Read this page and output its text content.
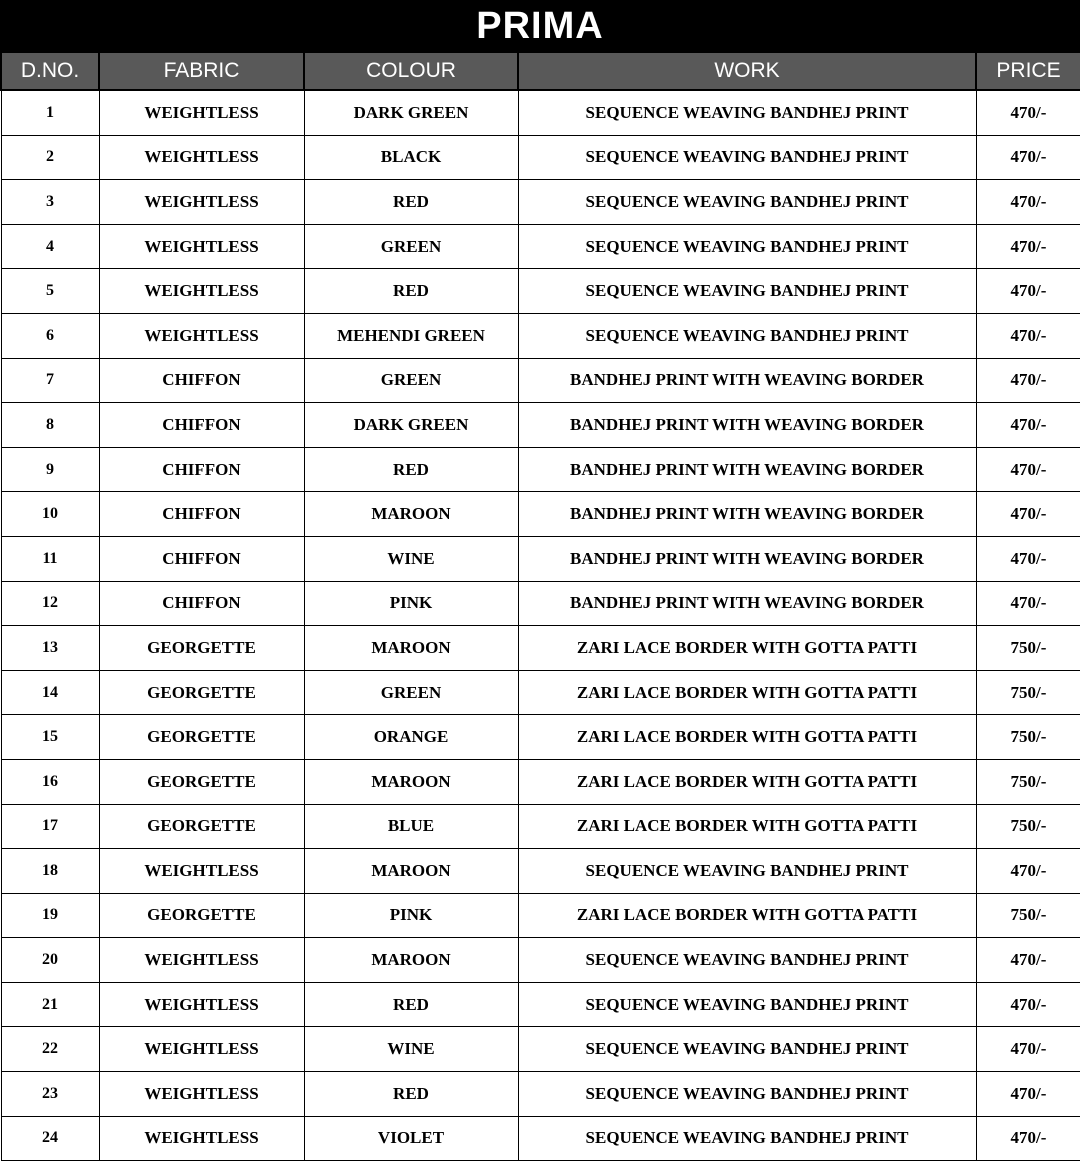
PRIMA
D.NO.	FABRIC	COLOUR	WORK	PRICE
1	WEIGHTLESS	DARK GREEN	SEQUENCE WEAVING BANDHEJ PRINT	470/-
2	WEIGHTLESS	BLACK	SEQUENCE WEAVING BANDHEJ PRINT	470/-
3	WEIGHTLESS	RED	SEQUENCE WEAVING BANDHEJ PRINT	470/-
4	WEIGHTLESS	GREEN	SEQUENCE WEAVING BANDHEJ PRINT	470/-
5	WEIGHTLESS	RED	SEQUENCE WEAVING BANDHEJ PRINT	470/-
6	WEIGHTLESS	MEHENDI GREEN	SEQUENCE WEAVING BANDHEJ PRINT	470/-
7	CHIFFON	GREEN	BANDHEJ PRINT WITH WEAVING BORDER	470/-
8	CHIFFON	DARK GREEN	BANDHEJ PRINT WITH WEAVING BORDER	470/-
9	CHIFFON	RED	BANDHEJ PRINT WITH WEAVING BORDER	470/-
10	CHIFFON	MAROON	BANDHEJ PRINT WITH WEAVING BORDER	470/-
11	CHIFFON	WINE	BANDHEJ PRINT WITH WEAVING BORDER	470/-
12	CHIFFON	PINK	BANDHEJ PRINT WITH WEAVING BORDER	470/-
13	GEORGETTE	MAROON	ZARI LACE BORDER WITH GOTTA PATTI	750/-
14	GEORGETTE	GREEN	ZARI LACE BORDER WITH GOTTA PATTI	750/-
15	GEORGETTE	ORANGE	ZARI LACE BORDER WITH GOTTA PATTI	750/-
16	GEORGETTE	MAROON	ZARI LACE BORDER WITH GOTTA PATTI	750/-
17	GEORGETTE	BLUE	ZARI LACE BORDER WITH GOTTA PATTI	750/-
18	WEIGHTLESS	MAROON	SEQUENCE WEAVING BANDHEJ PRINT	470/-
19	GEORGETTE	PINK	ZARI LACE BORDER WITH GOTTA PATTI	750/-
20	WEIGHTLESS	MAROON	SEQUENCE WEAVING BANDHEJ PRINT	470/-
21	WEIGHTLESS	RED	SEQUENCE WEAVING BANDHEJ PRINT	470/-
22	WEIGHTLESS	WINE	SEQUENCE WEAVING BANDHEJ PRINT	470/-
23	WEIGHTLESS	RED	SEQUENCE WEAVING BANDHEJ PRINT	470/-
24	WEIGHTLESS	VIOLET	SEQUENCE WEAVING BANDHEJ PRINT	470/-
